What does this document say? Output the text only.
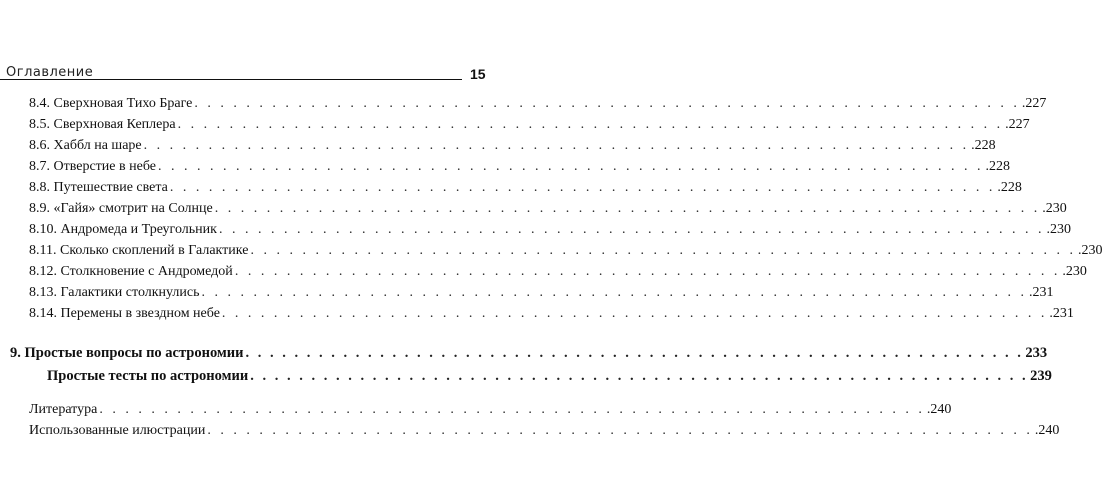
Оглавление	15
8.4. Сверхновая Тихо Браге . . . . . . . . . . . . . . . . . . . . . . . . . . . . . . . . . . . . . . . . . . . . . . . . . . . . . . . . . . . . . . . . .227
8.5. Сверхновая Кеплера . . . . . . . . . . . . . . . . . . . . . . . . . . . . . . . . . . . . . . . . . . . . . . . . . . . . . . . . . . . . . . . . .227
8.6. Хаббл на шаре . . . . . . . . . . . . . . . . . . . . . . . . . . . . . . . . . . . . . . . . . . . . . . . . . . . . . . . . . . . . . . . . .228
8.7. Отверстие в небе . . . . . . . . . . . . . . . . . . . . . . . . . . . . . . . . . . . . . . . . . . . . . . . . . . . . . . . . . . . . . . . . .228
8.8. Путешествие света . . . . . . . . . . . . . . . . . . . . . . . . . . . . . . . . . . . . . . . . . . . . . . . . . . . . . . . . . . . . . . . . .228
8.9. «Гайя» смотрит на Солнце . . . . . . . . . . . . . . . . . . . . . . . . . . . . . . . . . . . . . . . . . . . . . . . . . . . . . . . . . . . . . . . . .230
8.10. Андромеда и Треугольник . . . . . . . . . . . . . . . . . . . . . . . . . . . . . . . . . . . . . . . . . . . . . . . . . . . . . . . . . . . . . . . . .230
8.11. Сколько скоплений в Галактике . . . . . . . . . . . . . . . . . . . . . . . . . . . . . . . . . . . . . . . . . . . . . . . . . . . . . . . . . . . . . . . . .230
8.12. Столкновение с Андромедой . . . . . . . . . . . . . . . . . . . . . . . . . . . . . . . . . . . . . . . . . . . . . . . . . . . . . . . . . . . . . . . . .230
8.13. Галактики столкнулись . . . . . . . . . . . . . . . . . . . . . . . . . . . . . . . . . . . . . . . . . . . . . . . . . . . . . . . . . . . . . . . . .231
8.14. Перемены в звездном небе . . . . . . . . . . . . . . . . . . . . . . . . . . . . . . . . . . . . . . . . . . . . . . . . . . . . . . . . . . . . . . . . .231
9. Простые вопросы по астрономии . . . . . . . . . . . . . . . . . . . . . . . . . . . . . . . . . . . . . . . . . . . . . . . . . . . . . . . . . . . . . . . . 233
Простые тесты по астрономии . . . . . . . . . . . . . . . . . . . . . . . . . . . . . . . . . . . . . . . . . . . . . . . . . . . . . . . . . . . . . . . . 239
Литература . . . . . . . . . . . . . . . . . . . . . . . . . . . . . . . . . . . . . . . . . . . . . . . . . . . . . . . . . . . . . . . . .240
Использованные илюстрации . . . . . . . . . . . . . . . . . . . . . . . . . . . . . . . . . . . . . . . . . . . . . . . . . . . . . . . . . . . . . . . . .240
